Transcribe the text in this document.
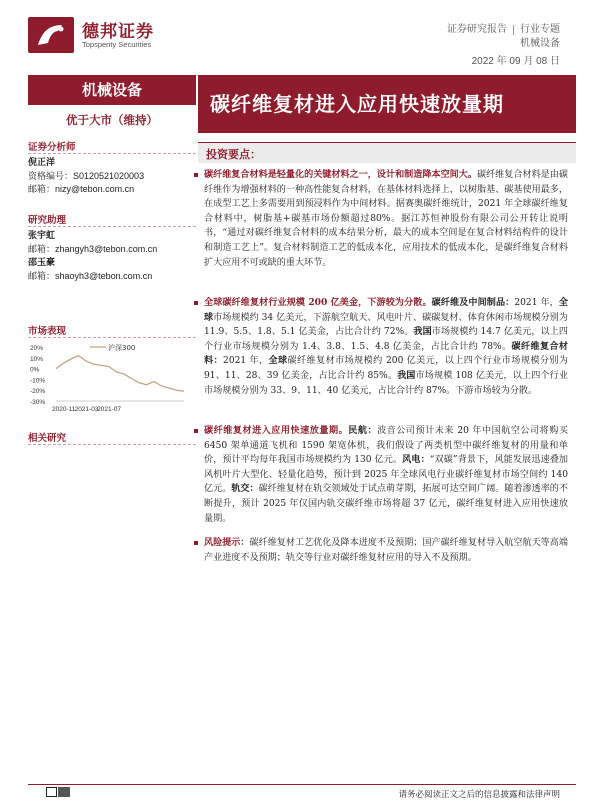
德邦证券
Topsperity Securities
证券研究报告 行业专题
机械设备
2022 年 09 月 08 日
机械设备
碳纤维复材进入应用快速放量期
优于大市（维持）
证券分析师
倪正洋
资格编号：S0120521020003
邮箱：nizy@tebon.com.cn
研究助理
张宇虹
邮箱：zhangyh3@tebon.com.cn
邵玉豪
邮箱：shaoyh3@tebon.com.cn
市场表现
20%
10%
0%
-10%
-20%
-30%
2020-11 2021-03
2021-07
沪深300
相关研究
投资要点：
碳纤维复合材料是轻量化的关键材料之一，设计和制造降本空间大。碳纤维复合材料是由碳纤维作为增强材料的一种高性能复合材料，在基体材料选择上，以树脂基、碳基使用最多，在成型工艺上多需要用到预浸料作为中间材料。据赛奥碳纤维统计，2021 年全球碳纤维复合材料中，树脂基+碳基市场份额超过80%。据江苏恒神股份有限公司公开转让说明书，“通过对碳纤维复合材料的成本结果分析，最大的成本空间是在复合材料结构件的设计和制造工艺上”。复合材料制造工艺的低成本化，应用技术的低成本化，是碳纤维复合材料扩大应用不可或缺的重大环节。
全球碳纤维复材行业规模 200 亿美金，下游较为分散。碳纤维及中间制品：2021 年，全球市场规模约 34 亿美元，下游航空航天、风电叶片、碳碳复材、体育休闲市场规模分别为 11.9、5.5、1.8、5.1 亿美金，占比合计约 72%。我国市场规模约 14.7 亿美元，以上四个行业市场规模分别为 1.4、3.8、1.5、4.8 亿美金，占比合计约 78%。碳纤维复合材料：2021 年，全球碳纤维复材市场规模约 200 亿美元，以上四个行业市场规模分别为 91、11、28、39 亿美金，占比合计约 85%。我国市场规模 108 亿美元，以上四个行业市场规模分别为 33、9、11、40 亿美元，占比合计约 87%。下游市场较为分散。
碳纤维复材进入应用快速放量期。民航：波音公司预计未来 20 年中国航空公司将购买 6450 架单通道飞机和 1590 架宽体机，我们假设了两类机型中碳纤维复材的用量和单价，预计平均每年我国市场规模约为 130 亿元。风电：“双碳”背景下，风能发展迅速叠加风机叶片大型化、轻量化趋势，预计到 2025 年全球风电行业碳纤维复材市场空间约 140 亿元。轨交：碳纤维复材在轨交领域处于试点萌芽期，拓展可达空间广阔。随着渗透率的不断提升，预计 2025 年仅国内轨交碳纤维市场将超 37 亿元，碳纤维复材进入应用快速放量期。
风险提示：碳纤维复材工艺优化及降本进度不及预期；国产碳纤维复材导入航空航天等高端产业进度不及预期；轨交等行业对碳纤维复材应用的导入不及预期。
请务必阅读正文之后的信息披露和法律声明
